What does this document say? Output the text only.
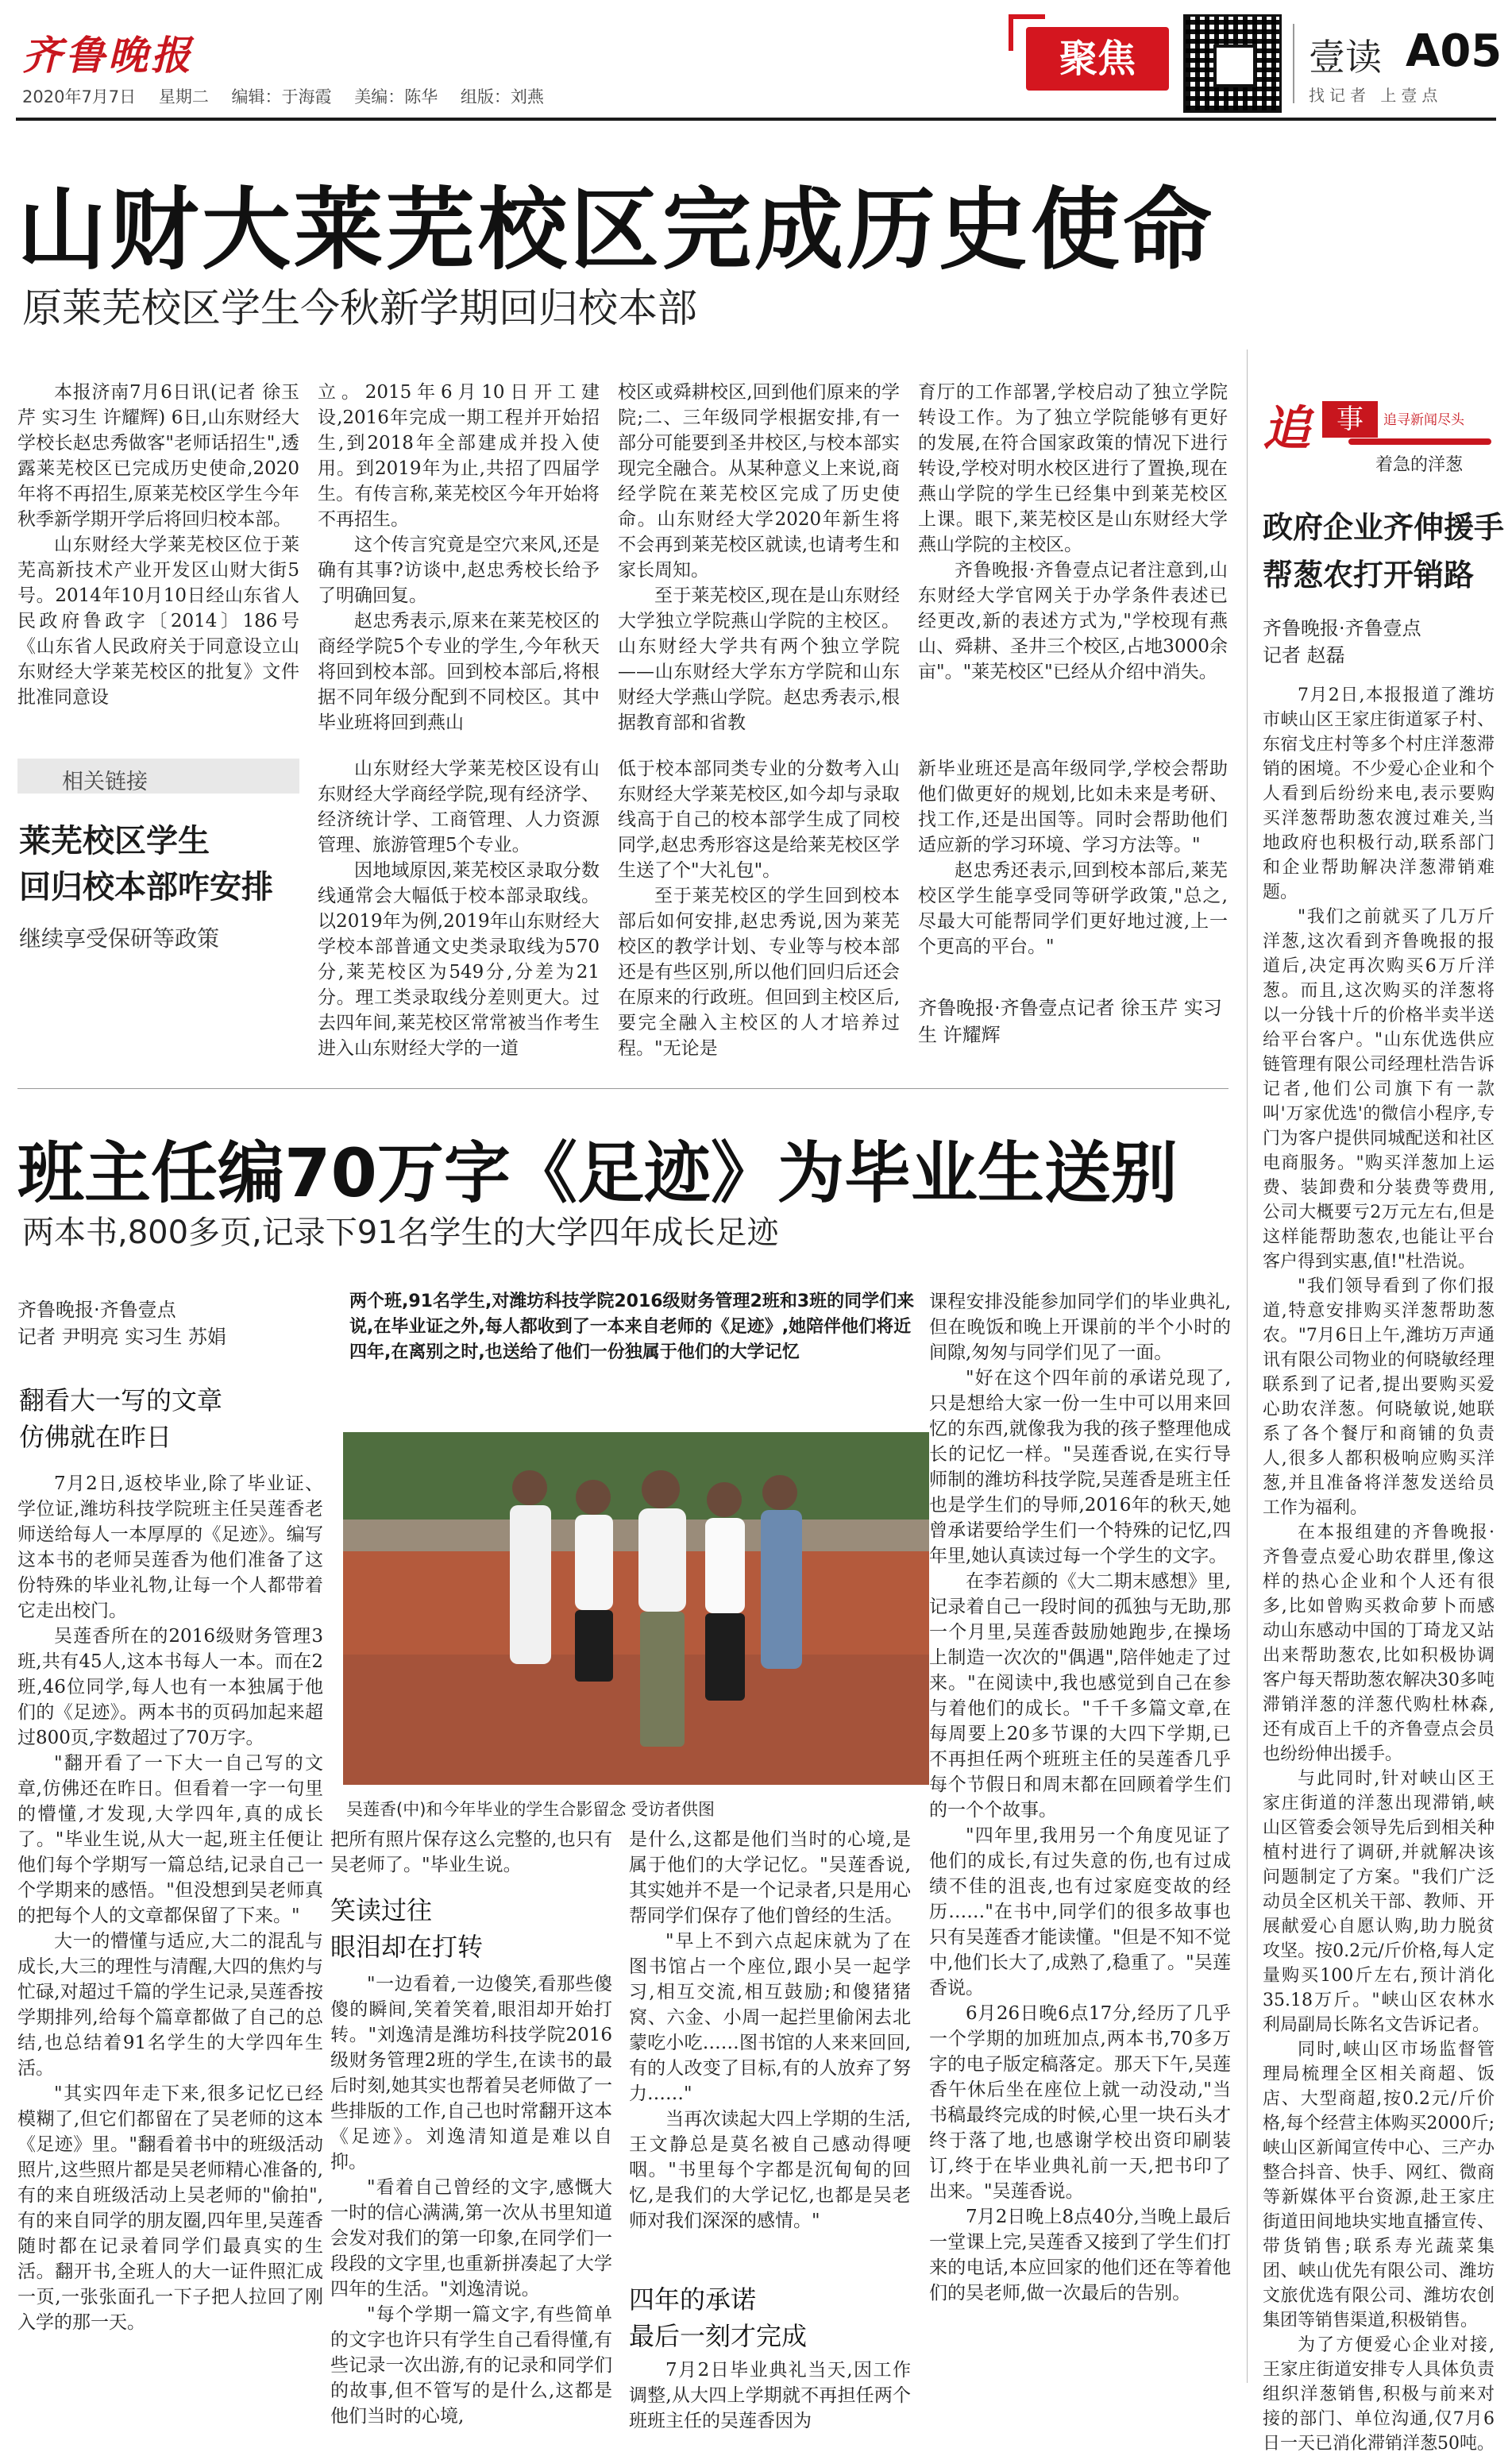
齐鲁晚报
2020年7月7日 星期二 编辑：于海霞 美编：陈华 组版：刘燕
聚焦	壹读 A05
找记者 上壹点
山财大莱芜校区完成历史使命
原莱芜校区学生今秋新学期回归校本部

本报济南7月6日讯(记者 徐玉芹 实习生 许耀辉) 6日,山东财经大学校长赵忠秀做客"老师话招生",透露莱芜校区已完成历史使命,2020年将不再招生,原莱芜校区学生今年秋季新学期开学后将回归校本部。

山东财经大学莱芜校区位于莱芜高新技术产业开发区山财大街5号。2014年10月10日经山东省人民政府鲁政字〔2014〕186号《山东省人民政府关于同意设立山东财经大学莱芜校区的批复》文件批准同意设

立。2015年6月10日开工建设,2016年完成一期工程并开始招生,到2018年全部建成并投入使用。到2019年为止,共招了四届学生。有传言称,莱芜校区今年开始将不再招生。

这个传言究竟是空穴来风,还是确有其事?访谈中,赵忠秀校长给予了明确回复。

赵忠秀表示,原来在莱芜校区的商经学院5个专业的学生,今年秋天将回到校本部。回到校本部后,将根据不同年级分配到不同校区。其中毕业班将回到燕山

校区或舜耕校区,回到他们原来的学院;二、三年级同学根据安排,有一部分可能要到圣井校区,与校本部实现完全融合。从某种意义上来说,商经学院在莱芜校区完成了历史使命。山东财经大学2020年新生将不会再到莱芜校区就读,也请考生和家长周知。

至于莱芜校区,现在是山东财经大学独立学院燕山学院的主校区。山东财经大学共有两个独立学院——山东财经大学东方学院和山东财经大学燕山学院。赵忠秀表示,根据教育部和省教

育厅的工作部署,学校启动了独立学院转设工作。为了独立学院能够有更好的发展,在符合国家政策的情况下进行转设,学校对明水校区进行了置换,现在燕山学院的学生已经集中到莱芜校区上课。眼下,莱芜校区是山东财经大学燕山学院的主校区。

齐鲁晚报·齐鲁壹点记者注意到,山东财经大学官网关于办学条件表述已经更改,新的表述方式为,"学校现有燕山、舜耕、圣井三个校区,占地3000余亩"。"莱芜校区"已经从介绍中消失。

相关链接
莱芜校区学生
回归校本部咋安排
继续享受保研等政策

山东财经大学莱芜校区设有山东财经大学商经学院,现有经济学、经济统计学、工商管理、人力资源管理、旅游管理5个专业。

因地域原因,莱芜校区录取分数线通常会大幅低于校本部录取线。以2019年为例,2019年山东财经大学校本部普通文史类录取线为570分,莱芜校区为549分,分差为21分。理工类录取线分差则更大。过去四年间,莱芜校区常常被当作考生进入山东财经大学的一道

低于校本部同类专业的分数考入山东财经大学莱芜校区,如今却与录取线高于自己的校本部学生成了同校同学,赵忠秀形容这是给莱芜校区学生送了个"大礼包"。

至于莱芜校区的学生回到校本部后如何安排,赵忠秀说,因为莱芜校区的教学计划、专业等与校本部还是有些区别,所以他们回归后还会在原来的行政班。但回到主校区后,要完全融入主校区的人才培养过程。"无论是

新毕业班还是高年级同学,学校会帮助他们做更好的规划,比如未来是考研、找工作,还是出国等。同时会帮助他们适应新的学习环境、学习方法等。"

赵忠秀还表示,回到校本部后,莱芜校区学生能享受同等研学政策,"总之,尽最大可能帮同学们更好地过渡,上一个更高的平台。"

齐鲁晚报·齐鲁壹点记者 徐玉芹 实习生 许耀辉
班主任编70万字《足迹》为毕业生送别
两本书,800多页,记录下91名学生的大学四年成长足迹
齐鲁晚报·齐鲁壹点
记者 尹明亮 实习生 苏娟
翻看大一写的文章
仿佛就在昨日

7月2日,返校毕业,除了毕业证、学位证,潍坊科技学院班主任吴莲香老师送给每人一本厚厚的《足迹》。编写这本书的老师吴莲香为他们准备了这份特殊的毕业礼物,让每一个人都带着它走出校门。

吴莲香所在的2016级财务管理3班,共有45人,这本书每人一本。而在2班,46位同学,每人也有一本独属于他们的《足迹》。两本书的页码加起来超过800页,字数超过了70万字。

"翻开看了一下大一自己写的文章,仿佛还在昨日。但看着一字一句里的懵懂,才发现,大学四年,真的成长了。"毕业生说,从大一起,班主任便让他们每个学期写一篇总结,记录自己一个学期来的感悟。"但没想到吴老师真的把每个人的文章都保留了下来。"

大一的懵懂与适应,大二的混乱与成长,大三的理性与清醒,大四的焦灼与忙碌,对超过千篇的学生记录,吴莲香按学期排列,给每个篇章都做了自己的总结,也总结着91名学生的大学四年生活。

"其实四年走下来,很多记忆已经模糊了,但它们都留在了吴老师的这本《足迹》里。"翻看着书中的班级活动照片,这些照片都是吴老师精心准备的,有的来自班级活动上吴老师的"偷拍",有的来自同学的朋友圈,四年里,吴莲香随时都在记录着同学们最真实的生活。翻开书,全班人的大一证件照汇成一页,一张张面孔一下子把人拉回了刚入学的那一天。

两个班,91名学生,对潍坊科技学院2016级财务管理2班和3班的同学们来说,在毕业证之外,每人都收到了一本来自老师的《足迹》,她陪伴他们将近四年,在离别之时,也送给了他们一份独属于他们的大学记忆
吴莲香(中)和今年毕业的学生合影留念 受访者供图

把所有照片保存这么完整的,也只有吴老师了。"毕业生说。

笑读过往
眼泪却在打转

"一边看着,一边傻笑,看那些傻傻的瞬间,笑着笑着,眼泪却开始打转。"刘逸清是潍坊科技学院2016级财务管理2班的学生,在读书的最后时刻,她其实也帮着吴老师做了一些排版的工作,自己也时常翻开这本《足迹》。刘逸清知道是难以自抑。

"看着自己曾经的文字,感慨大一时的信心满满,第一次从书里知道会发对我们的第一印象,在同学们一段段的文字里,也重新拼凑起了大学四年的生活。"刘逸清说。

"每个学期一篇文字,有些简单的文字也许只有学生自己看得懂,有些记录一次出游,有的记录和同学们的故事,但不管写的是什么,这都是他们当时的心境,

是什么,这都是他们当时的心境,是属于他们的大学记忆。"吴莲香说,其实她并不是一个记录者,只是用心帮同学们保存了他们曾经的生活。

"早上不到六点起床就为了在图书馆占一个座位,跟小吴一起学习,相互交流,相互鼓励;和傻猪猪窝、六金、小周一起拦里偷闲去北蒙吃小吃……图书馆的人来来回回,有的人改变了目标,有的人放弃了努力……"

当再次读起大四上学期的生活,王文静总是莫名被自己感动得哽咽。"书里每个字都是沉甸甸的回忆,是我们的大学记忆,也都是吴老师对我们深深的感情。"

四年的承诺
最后一刻才完成

7月2日毕业典礼当天,因工作调整,从大四上学期就不再担任两个班班主任的吴莲香因为

课程安排没能参加同学们的毕业典礼,但在晚饭和晚上开课前的半个小时的间隙,匆匆与同学们见了一面。

"好在这个四年前的承诺兑现了,只是想给大家一份一生中可以用来回忆的东西,就像我为我的孩子整理他成长的记忆一样。"吴莲香说,在实行导师制的潍坊科技学院,吴莲香是班主任也是学生们的导师,2016年的秋天,她曾承诺要给学生们一个特殊的记忆,四年里,她认真读过每一个学生的文字。

在李若颜的《大二期末感想》里,记录着自己一段时间的孤独与无助,那一个月里,吴莲香鼓励她跑步,在操场上制造一次次的"偶遇",陪伴她走了过来。"在阅读中,我也感觉到自己在参与着他们的成长。"千千多篇文章,在每周要上20多节课的大四下学期,已不再担任两个班班主任的吴莲香几乎每个节假日和周末都在回顾着学生们的一个个故事。

"四年里,我用另一个角度见证了他们的成长,有过失意的伤,也有过成绩不佳的沮丧,也有过家庭变故的经历……"在书中,同学们的很多故事也只有吴莲香才能读懂。"但是不知不觉中,他们长大了,成熟了,稳重了。"吴莲香说。

6月26日晚6点17分,经历了几乎一个学期的加班加点,两本书,70多万字的电子版定稿落定。那天下午,吴莲香午休后坐在座位上就一动没动,"当书稿最终完成的时候,心里一块石头才终于落了地,也感谢学校出资印刷装订,终于在毕业典礼前一天,把书印了出来。"吴莲香说。

7月2日晚上8点40分,当晚上最后一堂课上完,吴莲香又接到了学生们打来的电话,本应回家的他们还在等着他们的吴老师,做一次最后的告别。

追 事	追寻新闻尽头
着急的洋葱
政府企业齐伸援手
帮葱农打开销路
齐鲁晚报·齐鲁壹点
记者 赵磊

7月2日,本报报道了潍坊市峡山区王家庄街道冢子村、东宿戈庄村等多个村庄洋葱滞销的困境。不少爱心企业和个人看到后纷纷来电,表示要购买洋葱帮助葱农渡过难关,当地政府也积极行动,联系部门和企业帮助解决洋葱滞销难题。

"我们之前就买了几万斤洋葱,这次看到齐鲁晚报的报道后,决定再次购买6万斤洋葱。而且,这次购买的洋葱将以一分钱十斤的价格半卖半送给平台客户。"山东优选供应链管理有限公司经理杜浩告诉记者,他们公司旗下有一款叫'万家优选'的微信小程序,专门为客户提供同城配送和社区电商服务。"购买洋葱加上运费、装卸费和分装费等费用,公司大概要亏2万元左右,但是这样能帮助葱农,也能让平台客户得到实惠,值!"杜浩说。

"我们领导看到了你们报道,特意安排购买洋葱帮助葱农。"7月6日上午,潍坊万声通讯有限公司物业的何晓敏经理联系到了记者,提出要购买爱心助农洋葱。何晓敏说,她联系了各个餐厅和商铺的负责人,很多人都积极响应购买洋葱,并且准备将洋葱发送给员工作为福利。

在本报组建的齐鲁晚报·齐鲁壹点爱心助农群里,像这样的热心企业和个人还有很多,比如曾购买救命萝卜而感动山东感动中国的丁琦龙又站出来帮助葱农,比如积极协调客户每天帮助葱农解决30多吨滞销洋葱的洋葱代购杜林森,还有成百上千的齐鲁壹点会员也纷纷伸出援手。

与此同时,针对峡山区王家庄街道的洋葱出现滞销,峡山区管委会领导先后到相关种植村进行了调研,并就解决该问题制定了方案。"我们广泛动员全区机关干部、教师、开展献爱心自愿认购,助力脱贫攻坚。按0.2元/斤价格,每人定量购买100斤左右,预计消化35.18万斤。"峡山区农林水利局副局长陈名文告诉记者。

同时,峡山区市场监督管理局梳理全区相关商超、饭店、大型商超,按0.2元/斤价格,每个经营主体购买2000斤;峡山区新闻宣传中心、三产办整合抖音、快手、网红、微商等新媒体平台资源,赴王家庄街道田间地块实地直播宣传、带货销售;联系寿光蔬菜集团、峡山优先有限公司、潍坊文旅优选有限公司、潍坊农创集团等销售渠道,积极销售。

为了方便爱心企业对接,王家庄街道安排专人具体负责组织洋葱销售,积极与前来对接的部门、单位沟通,仅7月6日一天已消化滞销洋葱50吨。
